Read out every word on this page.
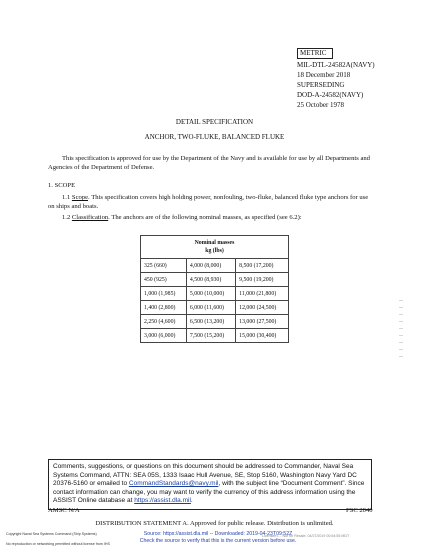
METRIC
MIL-DTL-24582A(NAVY)
18 December 2018
SUPERSEDING
DOD-A-24582(NAVY)
25 October 1978
DETAIL SPECIFICATION
ANCHOR, TWO-FLUKE, BALANCED FLUKE
This specification is approved for use by the Department of the Navy and is available for use by all Departments and Agencies of the Department of Defense.
1. SCOPE
1.1 Scope. This specification covers high holding power, nonfouling, two-fluke, balanced fluke type anchors for use on ships and boats.
1.2 Classification. The anchors are of the following nominal masses, as specified (see 6.2):
Nominal masses
kg (lbs)		

325 (660)	4,000 (8,000)	8,500 (17,200)
450 (925)	4,500 (8,930)	9,500 (19,200)
1,000 (1,985)	5,000 (10,000)	11,000 (21,800)
1,400 (2,800)	6,000 (11,600)	12,000 (24,500)
2,250 (4,600)	6,500 (13,200)	13,000 (27,500)
3,000 (6,000)	7,500 (15,200)	15,000 (30,400)
Comments, suggestions, or questions on this document should be addressed to Commander, Naval Sea Systems Command, ATTN: SEA 05S, 1333 Isaac Hull Avenue, SE, Stop 5160, Washington Navy Yard DC 20376-5160 or emailed to CommandStandards@navy.mil, with the subject line “Document Comment”. Since contact information can change, you may want to verify the currency of this address information using the ASSIST Online database at https://assist.dla.mil.
AMSC N/A	FSC 2040
DISTRIBUTION STATEMENT A. Approved for public release. Distribution is unlimited.
Copyright Naval Sea Systems Command (Ship Systems)
No reproduction or networking permitted without license from IHS
Source: https://assist.dla.mil -- Downloaded: 2019-04-23T09:52Z
Check the source to verify that this is the current version before use.
Licensee=... Not for Resale, 04/27/2019 00:54:55 MDT
